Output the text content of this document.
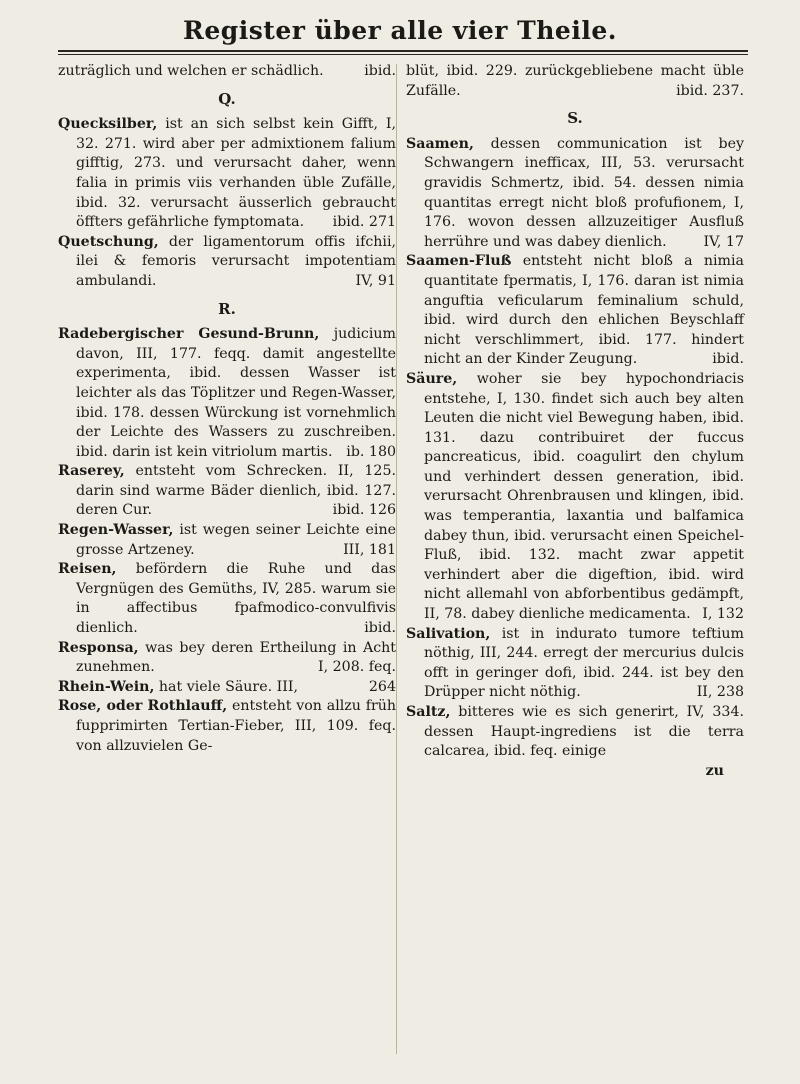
Register über alle vier Theile.

zuträglich und welchen er schädlich.	ibid.

Q.

Quecksilber, ist an sich selbst kein Gifft, I, 32. 271. wird aber per admixtionem falium gifftig, 273. und verursacht daher, wenn falia in primis viis verhanden üble Zufälle, ibid. 32. verursacht äusserlich gebraucht öffters gefährliche fymptomata. ibid. 271

Quetschung, der ligamentorum offis ifchii, ilei & femoris verursacht impotentiam ambulandi.	IV, 91

R.

Radebergischer Gesund-Brunn, judicium davon, III, 177. feqq. damit angestellte experimenta, ibid. dessen Wasser ist leichter als das Töplitzer und Regen-Wasser, ibid. 178. dessen Würckung ist vornehmlich der Leichte des Wassers zu zuschreiben. ibid. darin ist kein vitriolum martis. ib. 180

Raserey, entsteht vom Schrecken. II, 125. darin sind warme Bäder dienlich, ibid. 127. deren Cur.	ibid. 126

Regen-Wasser, ist wegen seiner Leichte eine grosse Artzeney.	III, 181

Reisen, befördern die Ruhe und das Vergnügen des Gemüths, IV, 285. warum sie in affectibus fpafmodico-convulfivis dienlich.	ibid.

Responsa, was bey deren Ertheilung in Acht zunehmen.	I, 208. feq.

Rhein-Wein, hat viele Säure. III,	264

Rose, oder Rothlauff, entsteht von allzu früh fupprimirten Tertian-Fieber, III, 109. feq. von allzuvielen Ge-

blüt, ibid. 229. zurückgebliebene macht üble Zufälle.	ibid. 237.

S.

Saamen, dessen communication ist bey Schwangern inefficax, III, 53. verursacht gravidis Schmertz, ibid. 54. dessen nimia quantitas erregt nicht bloß profufionem, I, 176. wovon dessen allzuzeitiger Ausfluß herrühre und was dabey dienlich.	IV, 17

Saamen-Fluß entsteht nicht bloß a nimia quantitate fpermatis, I, 176. daran ist nimia anguftia veficularum feminalium schuld, ibid. wird durch den ehlichen Beyschlaff nicht verschlimmert, ibid. 177. hindert nicht an der Kinder Zeugung.	ibid.

Säure, woher sie bey hypochondriacis entstehe, I, 130. findet sich auch bey alten Leuten die nicht viel Bewegung haben, ibid. 131. dazu contribuiret der fuccus pancreaticus, ibid. coagulirt den chylum und verhindert dessen generation, ibid. verursacht Ohrenbrausen und klingen, ibid. was temperantia, laxantia und balfamica dabey thun, ibid. verursacht einen Speichel-Fluß, ibid. 132. macht zwar appetit verhindert aber die digeftion, ibid. wird nicht allemahl von abforbentibus gedämpft, II, 78. dabey dienliche medicamenta. I, 132

Salivation, ist in indurato tumore teftium nöthig, III, 244. erregt der mercurius dulcis offt in geringer dofi, ibid. 244. ist bey den Drüpper nicht nöthig.	II, 238

Saltz, bitteres wie es sich generirt, IV, 334. dessen Haupt-ingrediens ist die terra calcarea, ibid. feq. einige

zu
